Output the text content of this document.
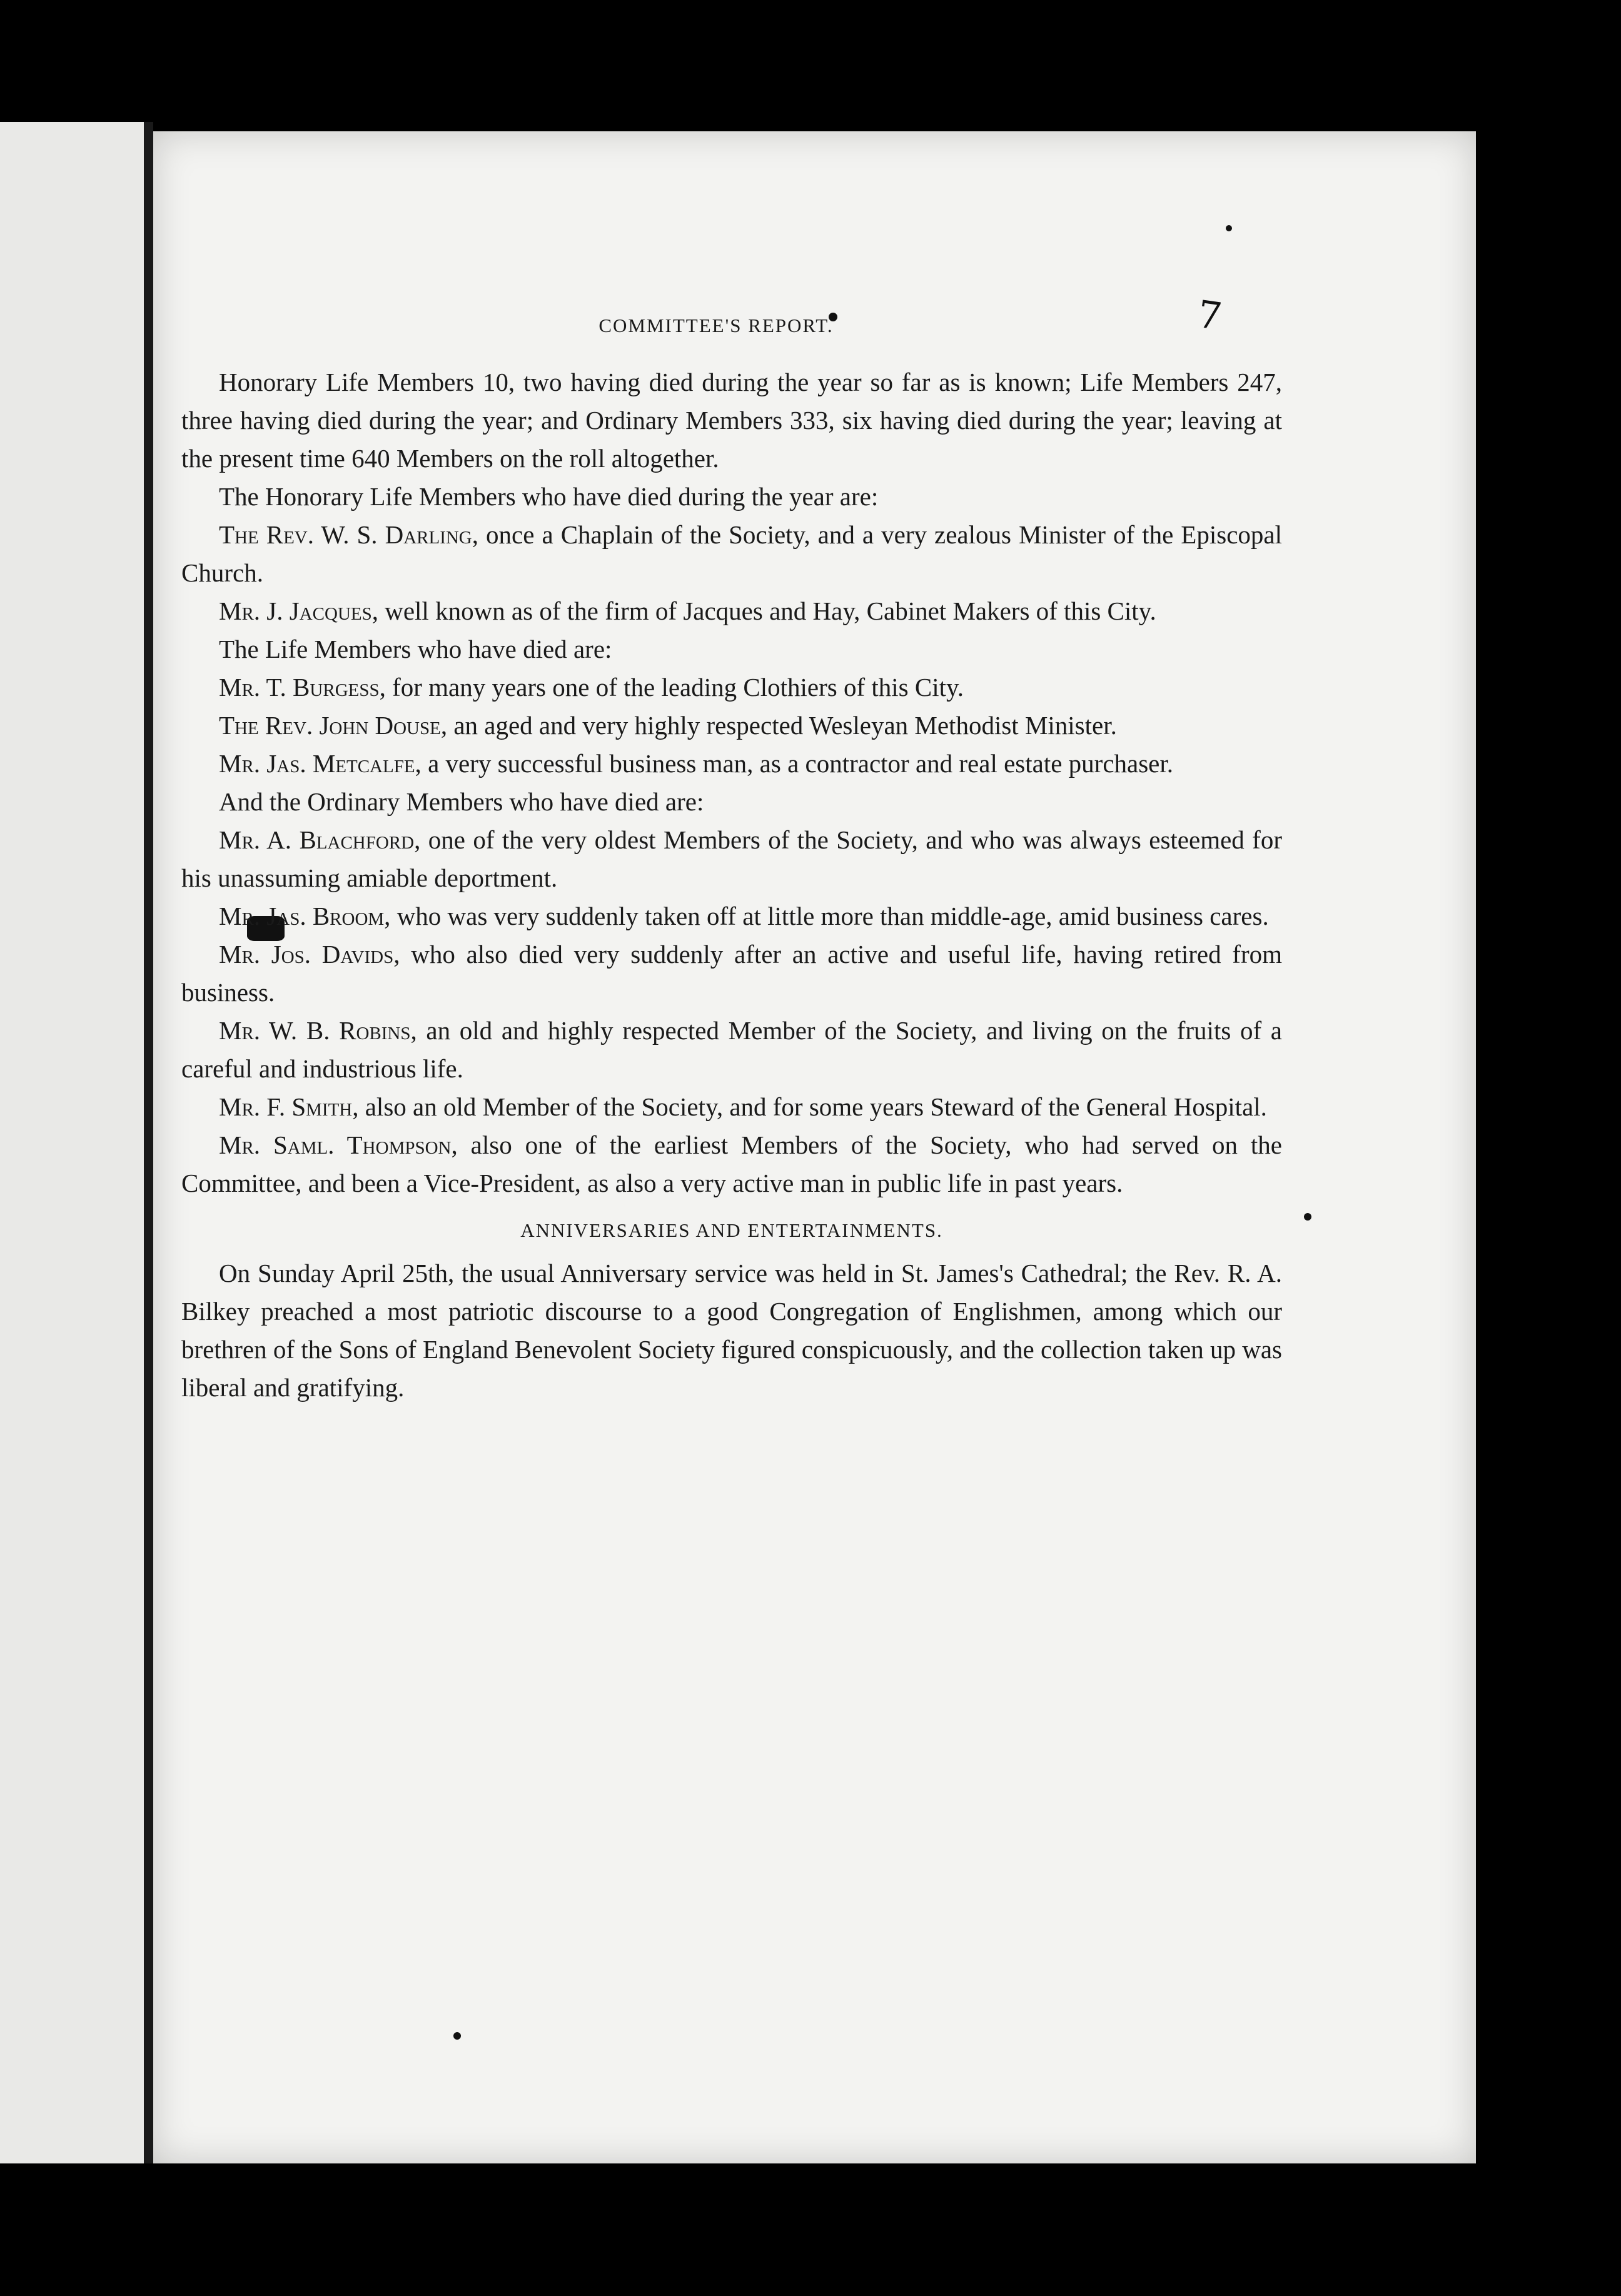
7
COMMITTEE'S REPORT.

Honorary Life Members 10, two having died during the year so far as is known; Life Members 247, three having died during the year; and Ordinary Members 333, six having died during the year; leaving at the present time 640 Members on the roll altogether.

The Honorary Life Members who have died during the year are:

The Rev. W. S. Darling, once a Chaplain of the Society, and a very zealous Minister of the Episcopal Church.

Mr. J. Jacques, well known as of the firm of Jacques and Hay, Cabinet Makers of this City.

The Life Members who have died are:

Mr. T. Burgess, for many years one of the leading Clothiers of this City.

The Rev. John Douse, an aged and very highly respected Wesleyan Methodist Minister.

Mr. Jas. Metcalfe, a very successful business man, as a contractor and real estate purchaser.

And the Ordinary Members who have died are:

Mr. A. Blachford, one of the very oldest Members of the Society, and who was always esteemed for his unassuming amiable deportment.

Mr. Jas. Broom, who was very suddenly taken off at little more than middle-age, amid business cares.

Mr. Jos. Davids, who also died very suddenly after an active and useful life, having retired from business.

Mr. W. B. Robins, an old and highly respected Member of the Society, and living on the fruits of a careful and industrious life.

Mr. F. Smith, also an old Member of the Society, and for some years Steward of the General Hospital.

Mr. Saml. Thompson, also one of the earliest Members of the Society, who had served on the Committee, and been a Vice-President, as also a very active man in public life in past years.

ANNIVERSARIES AND ENTERTAINMENTS.

On Sunday April 25th, the usual Anniversary service was held in St. James's Cathedral; the Rev. R. A. Bilkey preached a most patriotic discourse to a good Congregation of Englishmen, among which our brethren of the Sons of England Benevolent Society figured conspicuously, and the collection taken up was liberal and gratifying.
